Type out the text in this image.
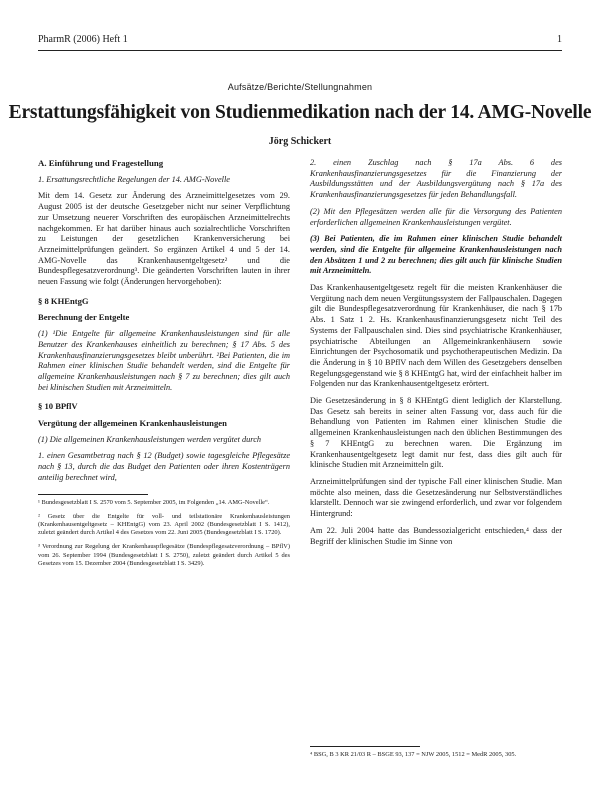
PharmR (2006) Heft 1	1
Aufsätze/Berichte/Stellungnahmen
Erstattungsfähigkeit von Studienmedikation nach der 14. AMG-Novelle
Jörg Schickert
A. Einführung und Fragestellung

1. Ersattungsrechtliche Regelungen der 14. AMG-Novelle

Mit dem 14. Gesetz zur Änderung des Arzneimittelgesetzes vom 29. August 2005 ist der deutsche Gesetzgeber nicht nur seiner Verpflichtung zur Umsetzung neuerer Vorschriften des europäischen Arzneimittelrechts nachgekommen. Er hat darüber hinaus auch sozialrechtliche Vorschriften zu Leistungen der gesetzlichen Krankenversicherung bei Arzneimittelprüfungen geändert. So ergänzen Artikel 4 und 5 der 14. AMG-Novelle das Krankenhausentgeltgesetz² und die Bundespflegesatzverordnung³. Die geänderten Vorschriften lauten in ihrer neuen Fassung wie folgt (Änderungen hervorgehoben):

§ 8 KHEntgG
Berechnung der Entgelte

(1) ¹Die Entgelte für allgemeine Krankenhausleistungen sind für alle Benutzer des Krankenhauses einheitlich zu berechnen; § 17 Abs. 5 des Krankenhausfinanzierungsgesetzes bleibt unberührt. ²Bei Patienten, die im Rahmen einer klinischen Studie behandelt werden, sind die Entgelte für allgemeine Krankenhausleistungen nach § 7 zu berechnen; dies gilt auch bei klinischen Studien mit Arzneimitteln.

§ 10 BPflV
Vergütung der allgemeinen Krankenhausleistungen

(1) Die allgemeinen Krankenhausleistungen werden vergütet durch

1. einen Gesamtbetrag nach § 12 (Budget) sowie tagesgleiche Pflegesätze nach § 13, durch die das Budget den Patienten oder ihren Kostenträgern anteilig berechnet wird,

¹ Bundesgesetzblatt I S. 2570 vom 5. September 2005, im Folgenden „14. AMG-Novelle“.

² Gesetz über die Entgelte für voll- und teilstationäre Krankenhausleistungen (Krankenhausentgeltgesetz – KHEntgG) vom 23. April 2002 (Bundesgesetzblatt I S. 1412), zuletzt geändert durch Artikel 4 des Gesetzes vom 22. Juni 2005 (Bundesgesetzblatt I S. 1720).

³ Verordnung zur Regelung der Krankenhauspflegesätze (Bundespflegesatzverordnung – BPflV) vom 26. September 1994 (Bundesgesetzblatt I S. 2750), zuletzt geändert durch Artikel 5 des Gesetzes vom 15. Dezember 2004 (Bundesgesetzblatt I S. 3429).

2. einen Zuschlag nach § 17a Abs. 6 des Krankenhausfinanzierungsgesetzes für die Finanzierung der Ausbildungsstätten und der Ausbildungsvergütung nach § 17a des Krankenhausfinanzierungsgesetzes für jeden Behandlungsfall.

(2) Mit den Pflegesätzen werden alle für die Versorgung des Patienten erforderlichen allgemeinen Krankenhausleistungen vergütet.

(3) Bei Patienten, die im Rahmen einer klinischen Studie behandelt werden, sind die Entgelte für allgemeine Krankenhausleistungen nach den Absätzen 1 und 2 zu berechnen; dies gilt auch für klinische Studien mit Arzneimitteln.

Das Krankenhausentgeltgesetz regelt für die meisten Krankenhäuser die Vergütung nach dem neuen Vergütungssystem der Fallpauschalen. Dagegen gilt die Bundespflegesatzverordnung für Krankenhäuser, die nach § 17b Abs. 1 Satz 1 2. Hs. Krankenhausfinanzierungsgesetz nicht Teil des Systems der Fallpauschalen sind. Dies sind psychiatrische Krankenhäuser, psychiatrische Abteilungen an Allgemeinkrankenhäusern sowie Einrichtungen der Psychosomatik und psychotherapeutischen Medizin. Da die Änderung in § 10 BPflV nach dem Willen des Gesetzgebers denselben Regelungsgegenstand wie § 8 KHEntgG hat, wird der einfachheit halber im Folgenden nur das Krankenhausentgeltgesetz erörtert.

Die Gesetzesänderung in § 8 KHEntgG dient lediglich der Klarstellung. Das Gesetz sah bereits in seiner alten Fassung vor, dass auch für die Behandlung von Patienten im Rahmen einer klinischen Studie die allgemeinen Krankenhausleistungen nach den üblichen Bestimmungen des § 7 KHEntgG zu berechnen waren. Die Ergänzung im Krankenhausentgeltgesetz legt damit nur fest, dass dies gilt auch für klinische Studien mit Arzneimitteln gilt.

Arzneimittelprüfungen sind der typische Fall einer klinischen Studie. Man möchte also meinen, dass die Gesetzesänderung nur Selbstverständliches klarstellt. Dennoch war sie zwingend erforderlich, und zwar vor folgendem Hintergrund:

Am 22. Juli 2004 hatte das Bundessozialgericht entschieden,⁴ dass der Begriff der klinischen Studie im Sinne von

⁴ BSG, B 3 KR 21/03 R – BSGE 93, 137 = NJW 2005, 1512 = MedR 2005, 305.
